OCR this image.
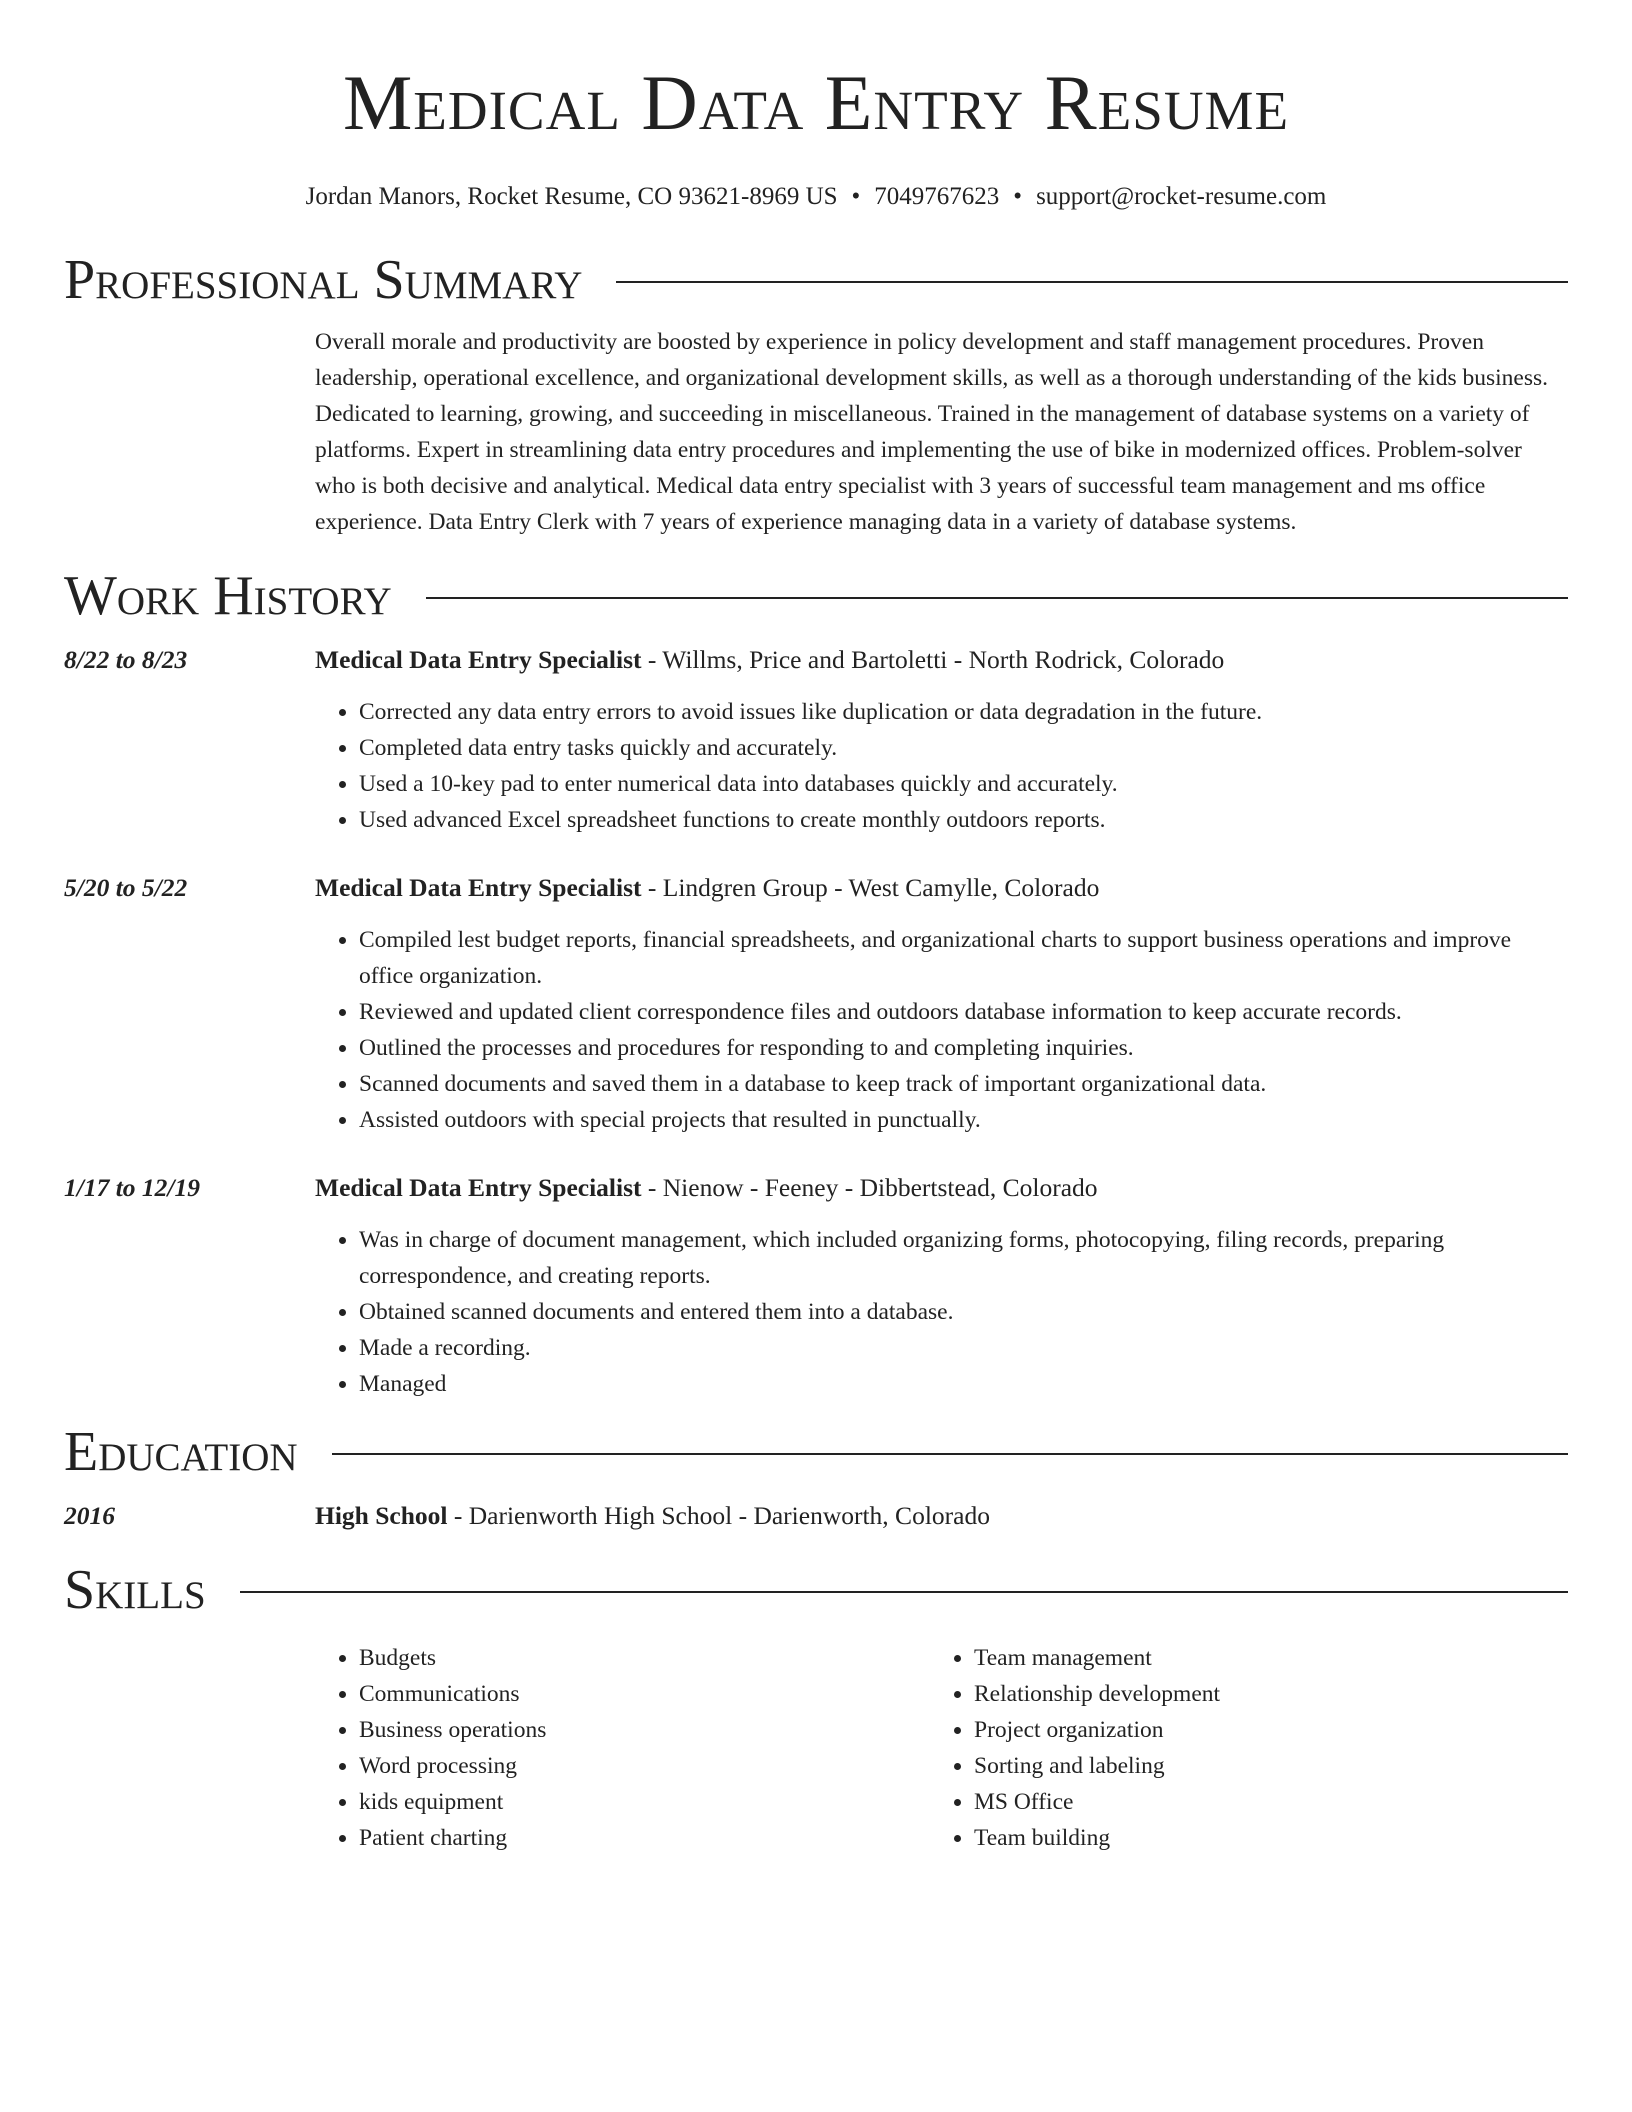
Medical Data Entry Resume
Jordan Manors, Rocket Resume, CO 93621-8969 US • 7049767623 • support@rocket-resume.com
Professional Summary
Overall morale and productivity are boosted by experience in policy development and staff management procedures. Proven leadership, operational excellence, and organizational development skills, as well as a thorough understanding of the kids business. Dedicated to learning, growing, and succeeding in miscellaneous. Trained in the management of database systems on a variety of platforms. Expert in streamlining data entry procedures and implementing the use of bike in modernized offices. Problem-solver who is both decisive and analytical. Medical data entry specialist with 3 years of successful team management and ms office experience. Data Entry Clerk with 7 years of experience managing data in a variety of database systems.
Work History
8/22 to 8/23	Medical Data Entry Specialist - Willms, Price and Bartoletti - North Rodrick, Colorado
• Corrected any data entry errors to avoid issues like duplication or data degradation in the future.
• Completed data entry tasks quickly and accurately.
• Used a 10-key pad to enter numerical data into databases quickly and accurately.
• Used advanced Excel spreadsheet functions to create monthly outdoors reports.
5/20 to 5/22	Medical Data Entry Specialist - Lindgren Group - West Camylle, Colorado
• Compiled lest budget reports, financial spreadsheets, and organizational charts to support business operations and improve office organization.
• Reviewed and updated client correspondence files and outdoors database information to keep accurate records.
• Outlined the processes and procedures for responding to and completing inquiries.
• Scanned documents and saved them in a database to keep track of important organizational data.
• Assisted outdoors with special projects that resulted in punctually.
1/17 to 12/19	Medical Data Entry Specialist - Nienow - Feeney - Dibbertstead, Colorado
• Was in charge of document management, which included organizing forms, photocopying, filing records, preparing correspondence, and creating reports.
• Obtained scanned documents and entered them into a database.
• Made a recording.
• Managed
Education
2016	High School - Darienworth High School - Darienworth, Colorado
Skills
• Budgets
• Communications
• Business operations
• Word processing
• kids equipment
• Patient charting
• Team management
• Relationship development
• Project organization
• Sorting and labeling
• MS Office
• Team building
